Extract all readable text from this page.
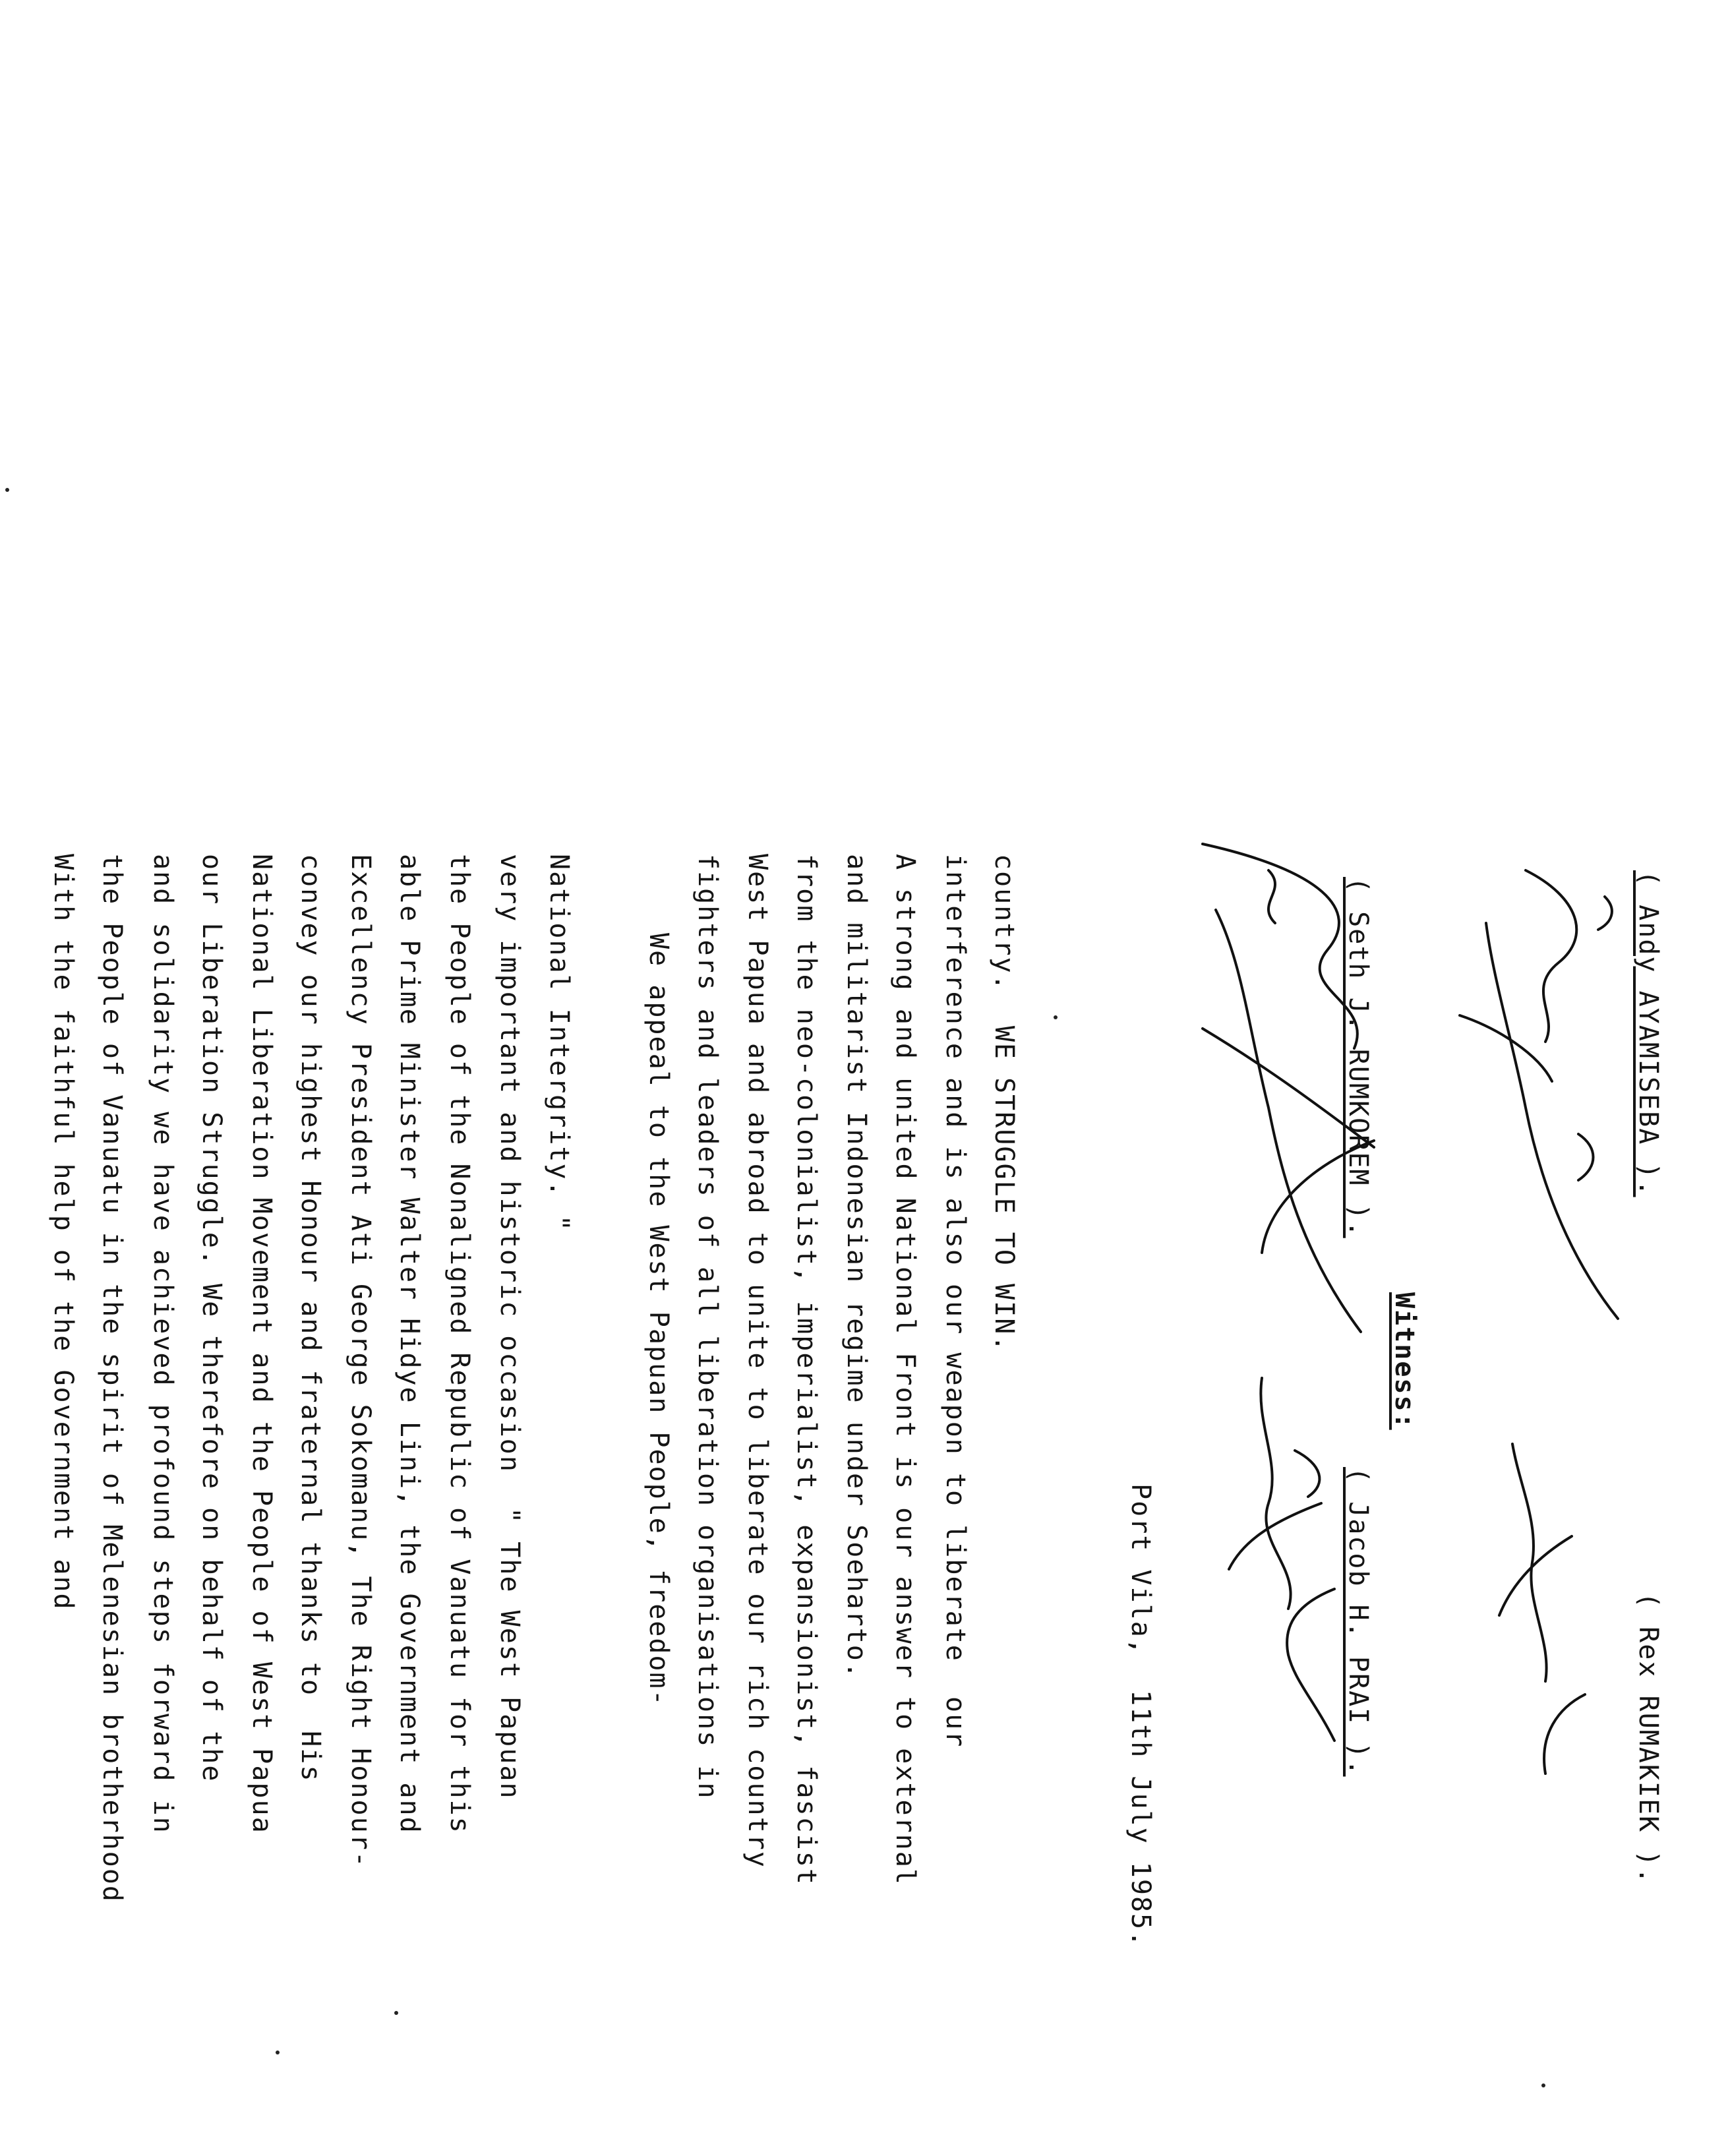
With the faithful help of the Government and the People of Vanuatu in the spirit of Melenesian brotherhood and solidarity we have achieved profound steps forward in our Liberation Struggle. We therefore on behalf of the National Liberation Movement and the People of West Papua convey our highest Honour and fraternal thanks to  His Excellency President Ati George Sokomanu, The Right Honour- able Prime Minister Walter Hidye Lini, the Government and the People of the Nonaligned Republic of Vanuatu for this very important and historic occasion  " The West Papuan National Intergrity. "	We appeal to the West Papuan People, freedom- fighters and leaders of all liberation organisations in West Papua and abroad to unite to liberate our rich country from the neo-colonialist, imperialist, expansionist, fascist and militarist Indonesian regime under Soeharto. A strong and united National Front is our answer to external interference and is also our weapon to liberate  our country.  WE STRUGGLE TO WIN.
Port Vila,  11th July 1985.
( Seth J. RUMKOREM ).
( Jacob H. PRAI ).
Witness:
( Andy AYAMISEBA ).
( Rex RUMAKIEK ).
